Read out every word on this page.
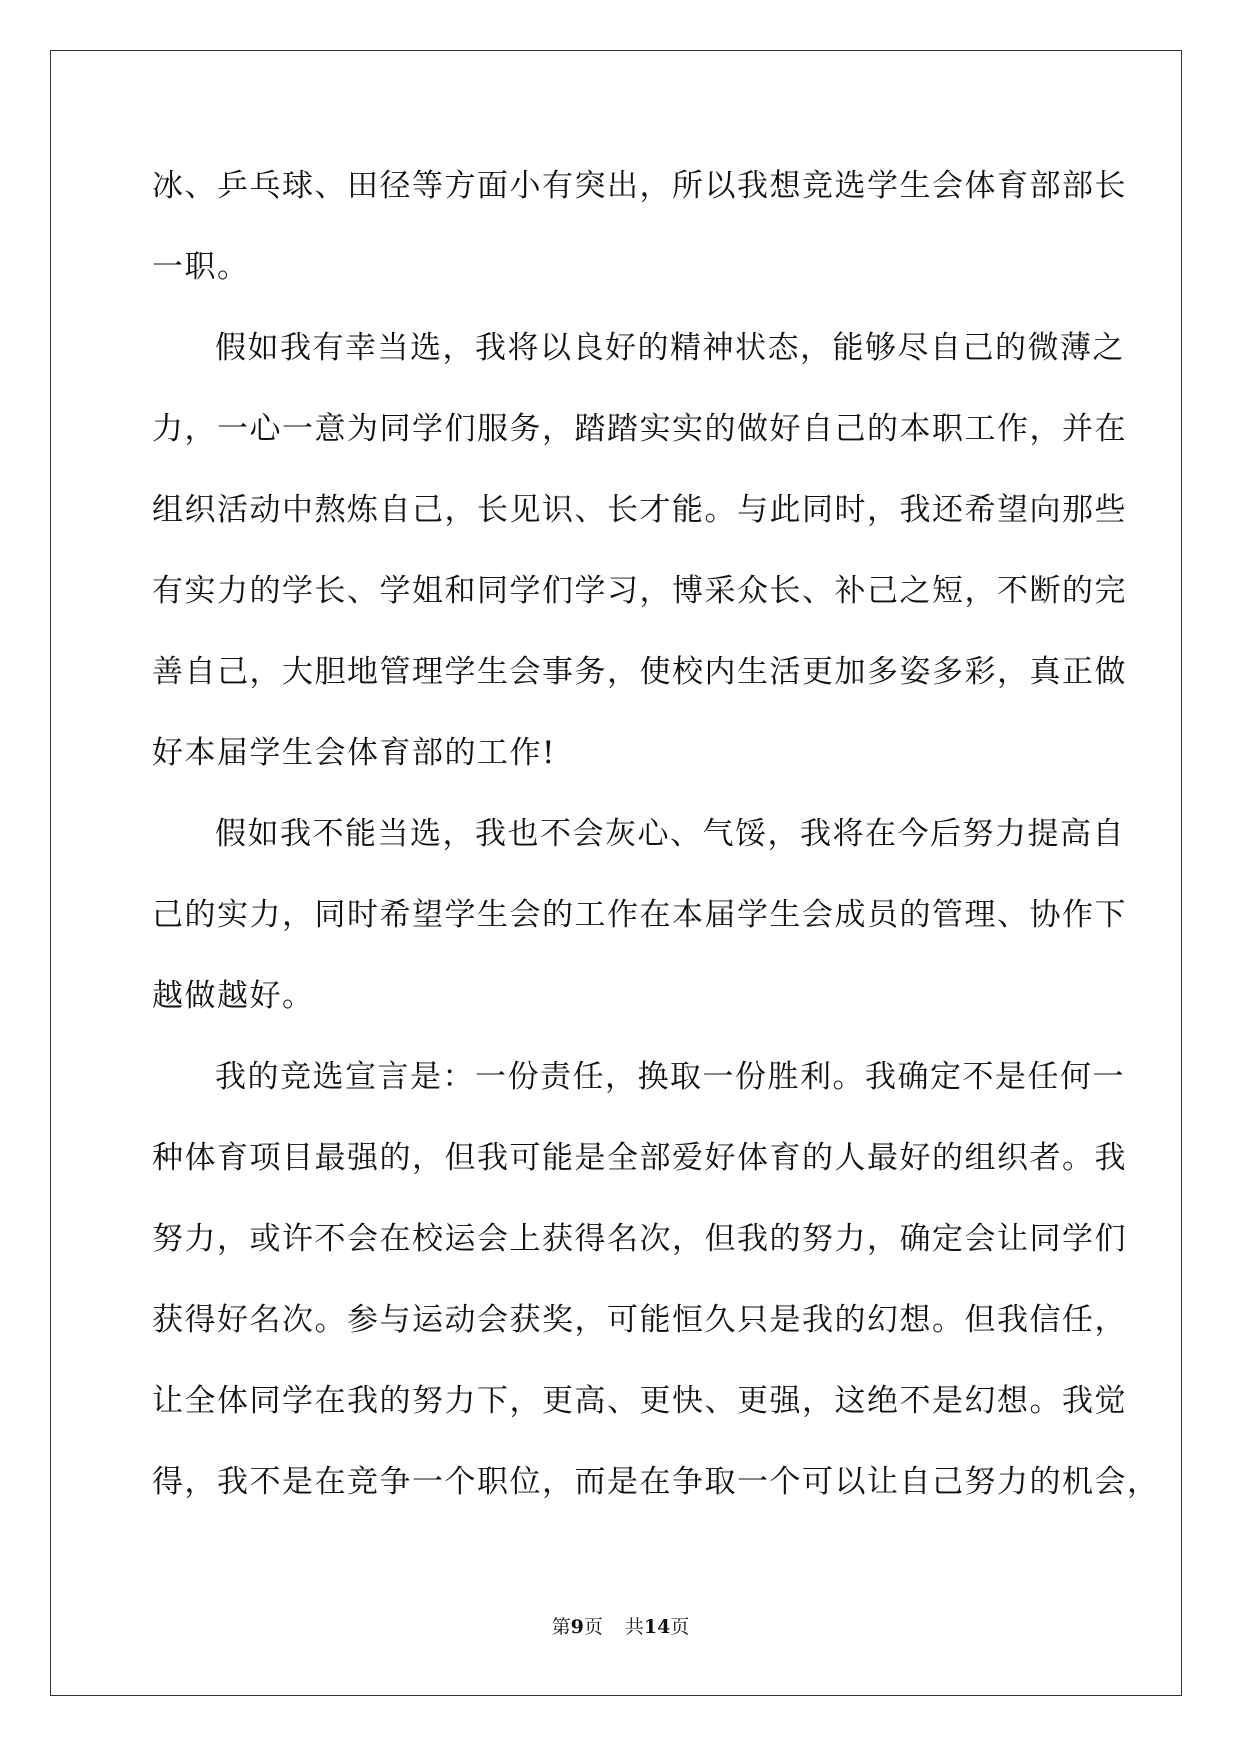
冰、乒乓球、田径等方面小有突出，所以我想竞选学生会体育部部长
一职。
假如我有幸当选，我将以良好的精神状态，能够尽自己的微薄之
力，一心一意为同学们服务，踏踏实实的做好自己的本职工作，并在
组织活动中熬炼自己，长见识、长才能。与此同时，我还希望向那些
有实力的学长、学姐和同学们学习，博采众长、补己之短，不断的完
善自己，大胆地管理学生会事务，使校内生活更加多姿多彩，真正做
好本届学生会体育部的工作!
假如我不能当选，我也不会灰心、气馁，我将在今后努力提高自
己的实力，同时希望学生会的工作在本届学生会成员的管理、协作下
越做越好。
我的竞选宣言是：一份责任，换取一份胜利。我确定不是任何一
种体育项目最强的，但我可能是全部爱好体育的人最好的组织者。我
努力，或许不会在校运会上获得名次，但我的努力，确定会让同学们
获得好名次。参与运动会获奖，可能恒久只是我的幻想。但我信任，
让全体同学在我的努力下，更高、更快、更强，这绝不是幻想。我觉
得，我不是在竞争一个职位，而是在争取一个可以让自己努力的机会，
第9页 共14页
